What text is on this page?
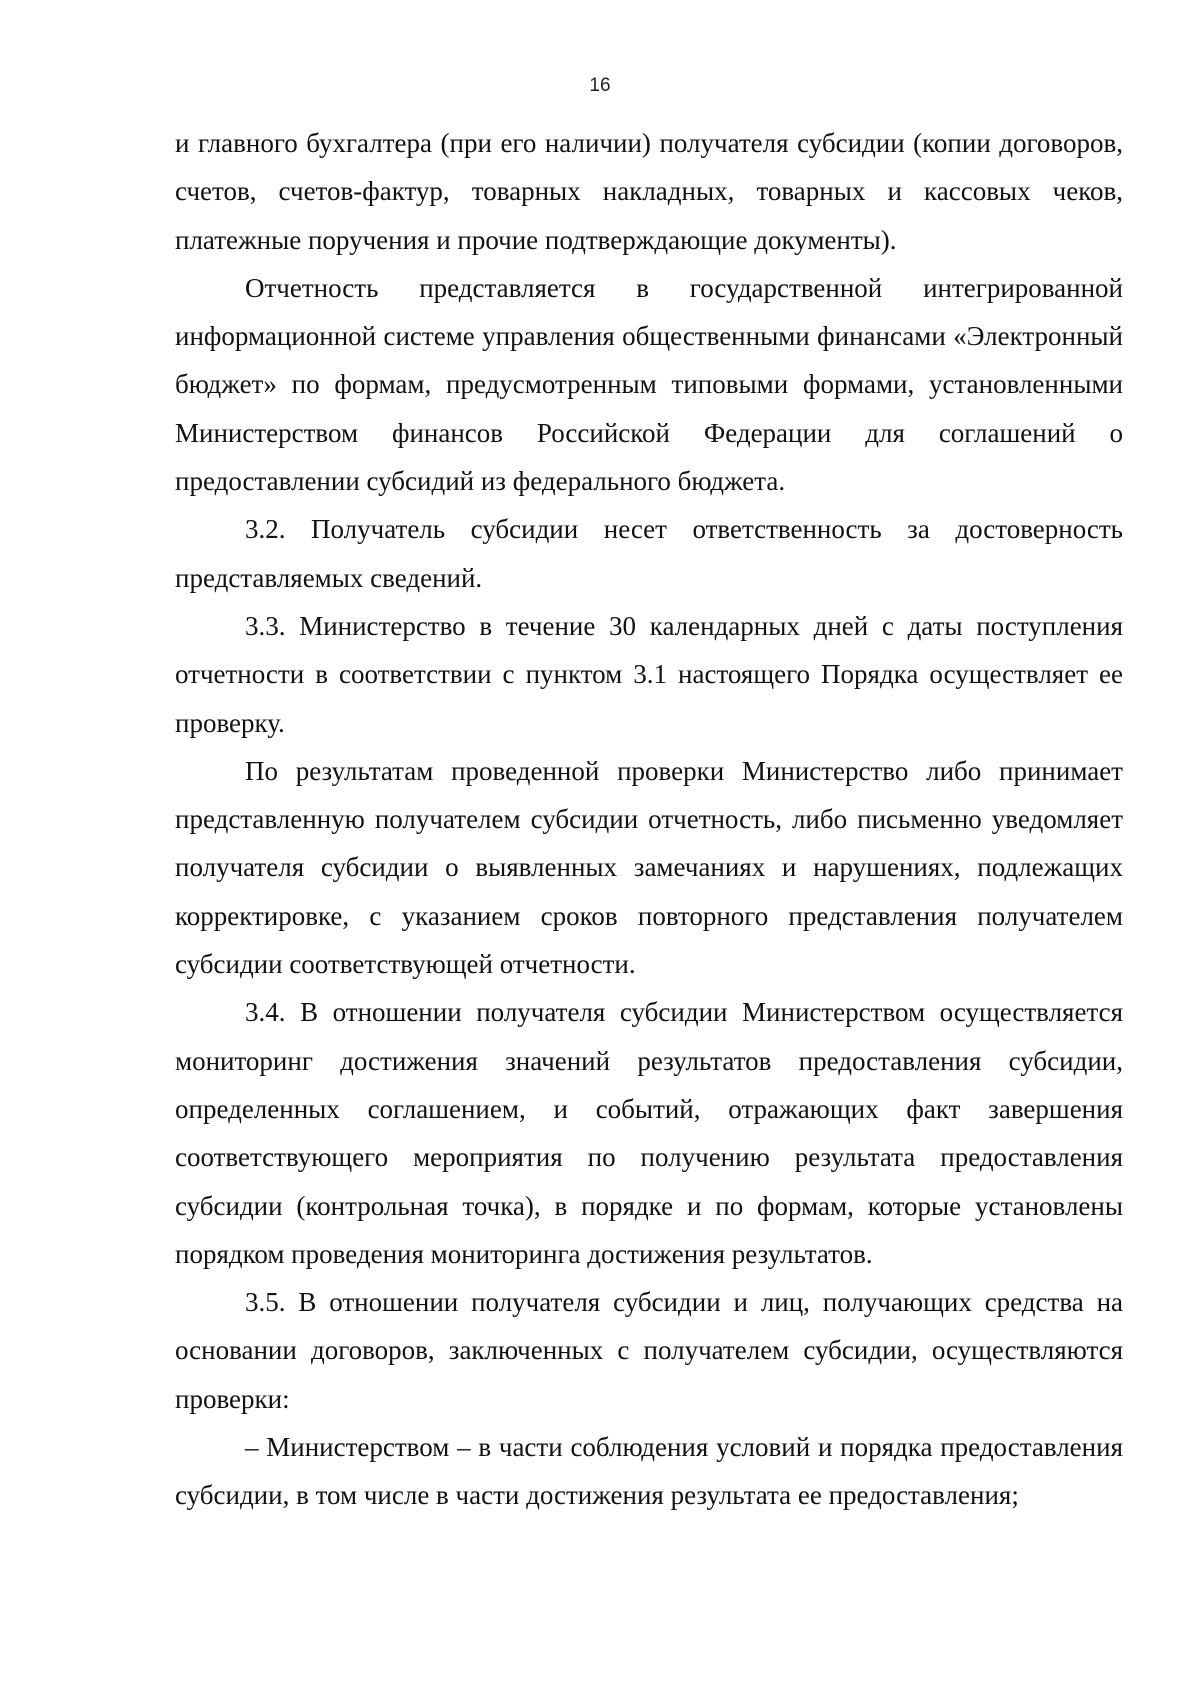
16

и главного бухгалтера (при его наличии) получателя субсидии (копии договоров, счетов, счетов-фактур, товарных накладных, товарных и кассовых чеков, платежные поручения и прочие подтверждающие документы).

Отчетность представляется в государственной интегрированной информационной системе управления общественными финансами «Электронный бюджет» по формам, предусмотренным типовыми формами, установленными Министерством финансов Российской Федерации для соглашений о предоставлении субсидий из федерального бюджета.

3.2. Получатель субсидии несет ответственность за достоверность представляемых сведений.

3.3. Министерство в течение 30 календарных дней с даты поступления отчетности в соответствии с пунктом 3.1 настоящего Порядка осуществляет ее проверку.

По результатам проведенной проверки Министерство либо принимает представленную получателем субсидии отчетность, либо письменно уведомляет получателя субсидии о выявленных замечаниях и нарушениях, подлежащих корректировке, с указанием сроков повторного представления получателем субсидии соответствующей отчетности.

3.4. В отношении получателя субсидии Министерством осуществляется мониторинг достижения значений результатов предоставления субсидии, определенных соглашением, и событий, отражающих факт завершения соответствующего мероприятия по получению результата предоставления субсидии (контрольная точка), в порядке и по формам, которые установлены порядком проведения мониторинга достижения результатов.

3.5. В отношении получателя субсидии и лиц, получающих средства на основании договоров, заключенных с получателем субсидии, осуществляются проверки:

– Министерством – в части соблюдения условий и порядка предоставления субсидии, в том числе в части достижения результата ее предоставления;
